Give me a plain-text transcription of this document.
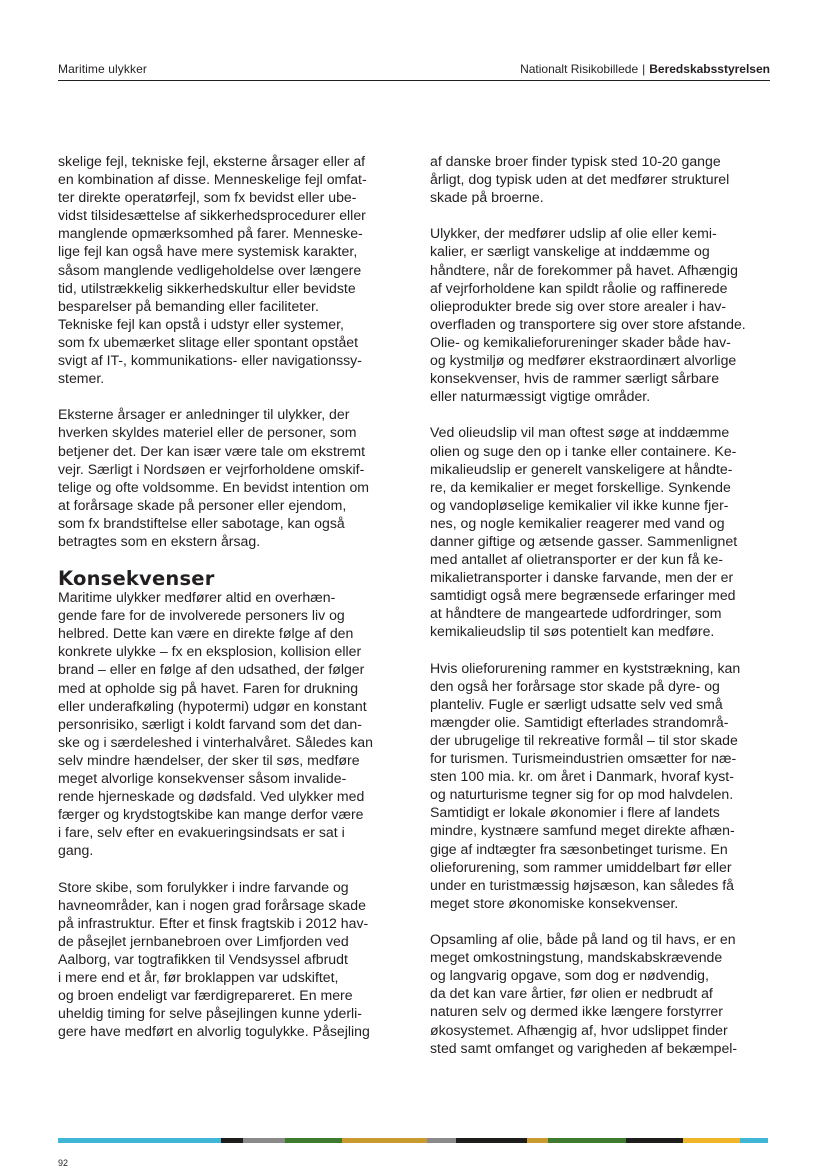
Maritime ulykker	Nationalt Risikobillede | Beredskabsstyrelsen

skelige fejl, tekniske fejl, eksterne årsager eller af
en kombination af disse. Menneskelige fejl omfat-
ter direkte operatørfejl, som fx bevidst eller ube-
vidst tilsidesættelse af sikkerhedsprocedurer eller
manglende opmærksomhed på farer. Menneske-
lige fejl kan også have mere systemisk karakter,
såsom manglende vedligeholdelse over længere
tid, utilstrækkelig sikkerhedskultur eller bevidste
besparelser på bemanding eller faciliteter.
Tekniske fejl kan opstå i udstyr eller systemer,
som fx ubemærket slitage eller spontant opstået
svigt af IT-, kommunikations- eller navigationssy-
stemer.

Eksterne årsager er anledninger til ulykker, der
hverken skyldes materiel eller de personer, som
betjener det. Der kan især være tale om ekstremt
vejr. Særligt i Nordsøen er vejrforholdene omskif-
telige og ofte voldsomme. En bevidst intention om
at forårsage skade på personer eller ejendom,
som fx brandstiftelse eller sabotage, kan også
betragtes som en ekstern årsag.

Konsekvenser

Maritime ulykker medfører altid en overhæn-
gende fare for de involverede personers liv og
helbred. Dette kan være en direkte følge af den
konkrete ulykke – fx en eksplosion, kollision eller
brand – eller en følge af den udsathed, der følger
med at opholde sig på havet. Faren for drukning
eller underafkøling (hypotermi) udgør en konstant
personrisiko, særligt i koldt farvand som det dan-
ske og i særdeleshed i vinterhalvåret. Således kan
selv mindre hændelser, der sker til søs, medføre
meget alvorlige konsekvenser såsom invalide-
rende hjerneskade og dødsfald. Ved ulykker med
færger og krydstogtskibe kan mange derfor være
i fare, selv efter en evakueringsindsats er sat i
gang.

Store skibe, som forulykker i indre farvande og
havneområder, kan i nogen grad forårsage skade
på infrastruktur. Efter et finsk fragtskib i 2012 hav-
de påsejlet jernbanebroen over Limfjorden ved
Aalborg, var togtrafikken til Vendsyssel afbrudt
i mere end et år, før broklappen var udskiftet,
og broen endeligt var færdigrepareret. En mere
uheldig timing for selve påsejlingen kunne yderli-
gere have medført en alvorlig togulykke. Påsejling

af danske broer finder typisk sted 10-20 gange
årligt, dog typisk uden at det medfører strukturel
skade på broerne.

Ulykker, der medfører udslip af olie eller kemi-
kalier, er særligt vanskelige at inddæmme og
håndtere, når de forekommer på havet. Afhængig
af vejrforholdene kan spildt råolie og raffinerede
olieprodukter brede sig over store arealer i hav-
overfladen og transportere sig over store afstande.
Olie- og kemikalieforureninger skader både hav-
og kystmiljø og medfører ekstraordinært alvorlige
konsekvenser, hvis de rammer særligt sårbare
eller naturmæssigt vigtige områder.

Ved olieudslip vil man oftest søge at inddæmme
olien og suge den op i tanke eller containere. Ke-
mikalieudslip er generelt vanskeligere at håndte-
re, da kemikalier er meget forskellige. Synkende
og vandopløselige kemikalier vil ikke kunne fjer-
nes, og nogle kemikalier reagerer med vand og
danner giftige og ætsende gasser. Sammenlignet
med antallet af olietransporter er der kun få ke-
mikalietransporter i danske farvande, men der er
samtidigt også mere begrænsede erfaringer med
at håndtere de mangeartede udfordringer, som
kemikalieudslip til søs potentielt kan medføre.

Hvis olieforurening rammer en kyststrækning, kan
den også her forårsage stor skade på dyre- og
planteliv. Fugle er særligt udsatte selv ved små
mængder olie. Samtidigt efterlades strandområ-
der ubrugelige til rekreative formål – til stor skade
for turismen. Turismeindustrien omsætter for næ-
sten 100 mia. kr. om året i Danmark, hvoraf kyst-
og naturturisme tegner sig for op mod halvdelen.
Samtidigt er lokale økonomier i flere af landets
mindre, kystnære samfund meget direkte afhæn-
gige af indtægter fra sæsonbetinget turisme. En
olieforurening, som rammer umiddelbart før eller
under en turistmæssig højsæson, kan således få
meget store økonomiske konsekvenser.

Opsamling af olie, både på land og til havs, er en
meget omkostningstung, mandskabskrævende
og langvarig opgave, som dog er nødvendig,
da det kan vare årtier, før olien er nedbrudt af
naturen selv og dermed ikke længere forstyrrer
økosystemet. Afhængig af, hvor udslippet finder
sted samt omfanget og varigheden af bekæmpel-

92
